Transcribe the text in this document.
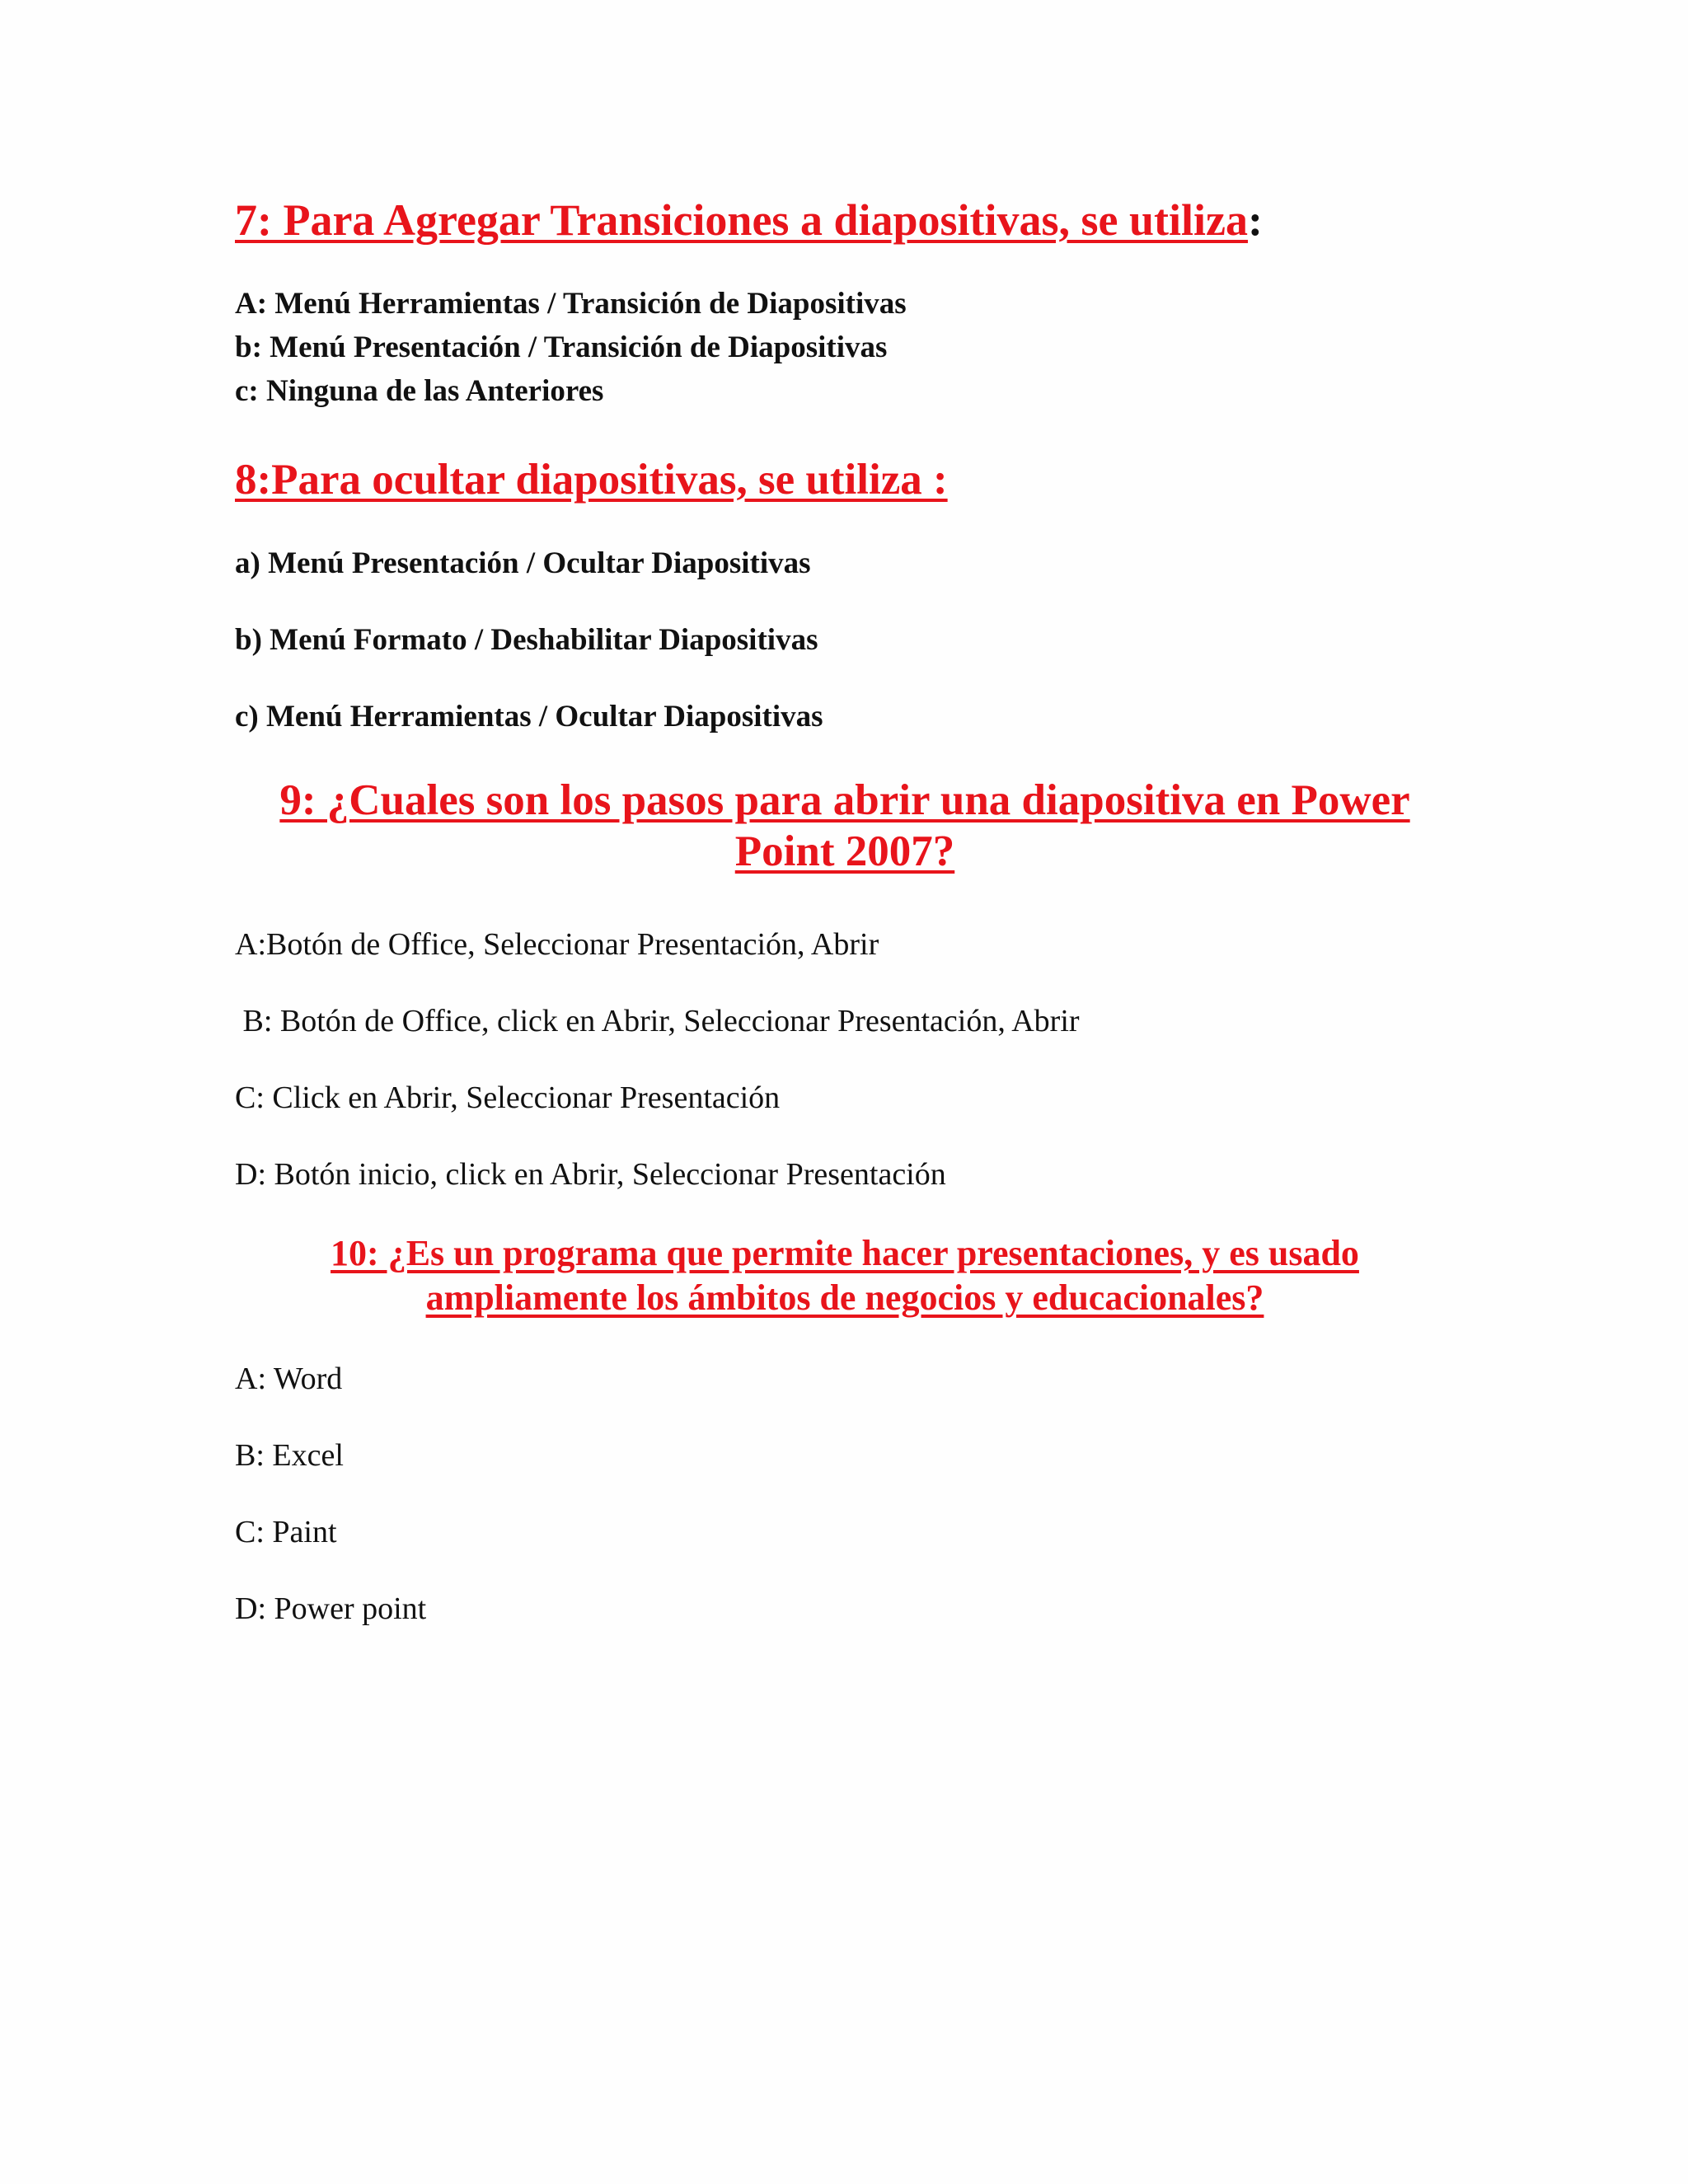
7: Para Agregar Transiciones a diapositivas, se utiliza:

A: Menú Herramientas / Transición de Diapositivas

b: Menú Presentación / Transición de Diapositivas

c: Ninguna de las Anteriores

8:Para ocultar diapositivas, se utiliza :

a) Menú Presentación / Ocultar Diapositivas

b) Menú Formato / Deshabilitar Diapositivas

c) Menú Herramientas / Ocultar Diapositivas

9: ¿Cuales son los pasos para abrir una diapositiva en Power
Point 2007?

A:Botón de Office, Seleccionar Presentación, Abrir

B: Botón de Office, click en Abrir, Seleccionar Presentación, Abrir

C: Click en Abrir, Seleccionar Presentación

D: Botón inicio, click en Abrir, Seleccionar Presentación

10: ¿Es un programa que permite hacer presentaciones, y es usado
ampliamente los ámbitos de negocios y educacionales?

A: Word

B: Excel

C: Paint

D: Power point
